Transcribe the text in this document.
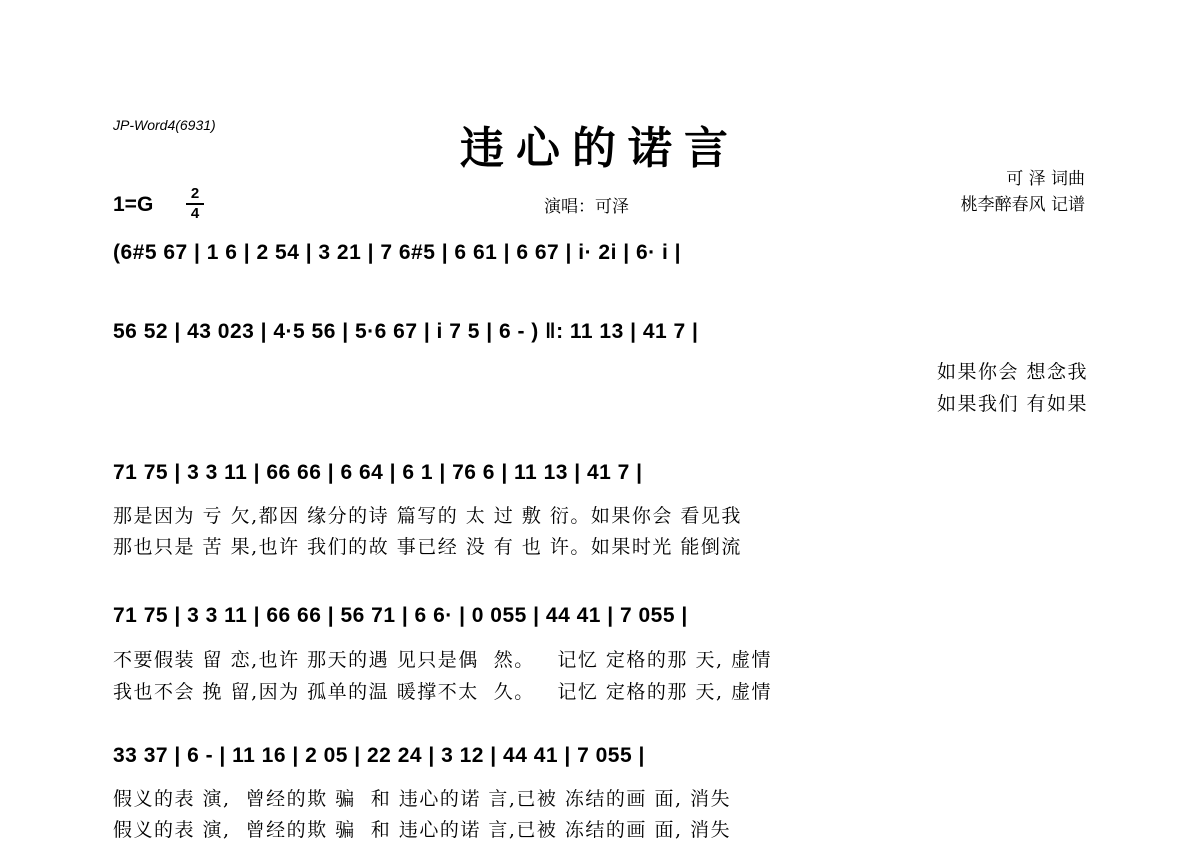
JP-Word4(6931)	违心的诺言
演唱：可泽
可 泽 词曲
桃李醉春风 记谱
1=G	2
4
(6#5 67 | 1 6 | 2 54 | 3 21 | 7 6#5 | 6 61 | 6 67 | i· 2i | 6· i |
56 52 | 43 023 | 4·5 56 | 5·6 67 | i 7 5 | 6 - ) ‖: 11 13 | 41 7 |
如果你会 想念我
如果我们 有如果
71 75 | 3 3 11 | 66 66 | 6 64 | 6 1 | 76 6 | 11 13 | 41 7 |
那是因为 亏 欠,都因 缘分的诗 篇写的 太 过 敷 衍。如果你会 看见我
那也只是 苦 果,也许 我们的故 事已经 没 有 也 许。如果时光 能倒流
71 75 | 3 3 11 | 66 66 | 56 71 | 6 6· | 0 055 | 44 41 | 7 055 |
不要假装 留 恋,也许 那天的遇 见只是偶  然。   记忆 定格的那 天, 虚情
我也不会 挽 留,因为 孤单的温 暖撑不太  久。   记忆 定格的那 天, 虚情
33 37 | 6 - | 11 16 | 2 05 | 22 24 | 3 12 | 44 41 | 7 055 |
假义的表 演,  曾经的欺 骗  和 违心的诺 言,已被 冻结的画 面, 消失
假义的表 演,  曾经的欺 骗  和 违心的诺 言,已被 冻结的画 面, 消失
